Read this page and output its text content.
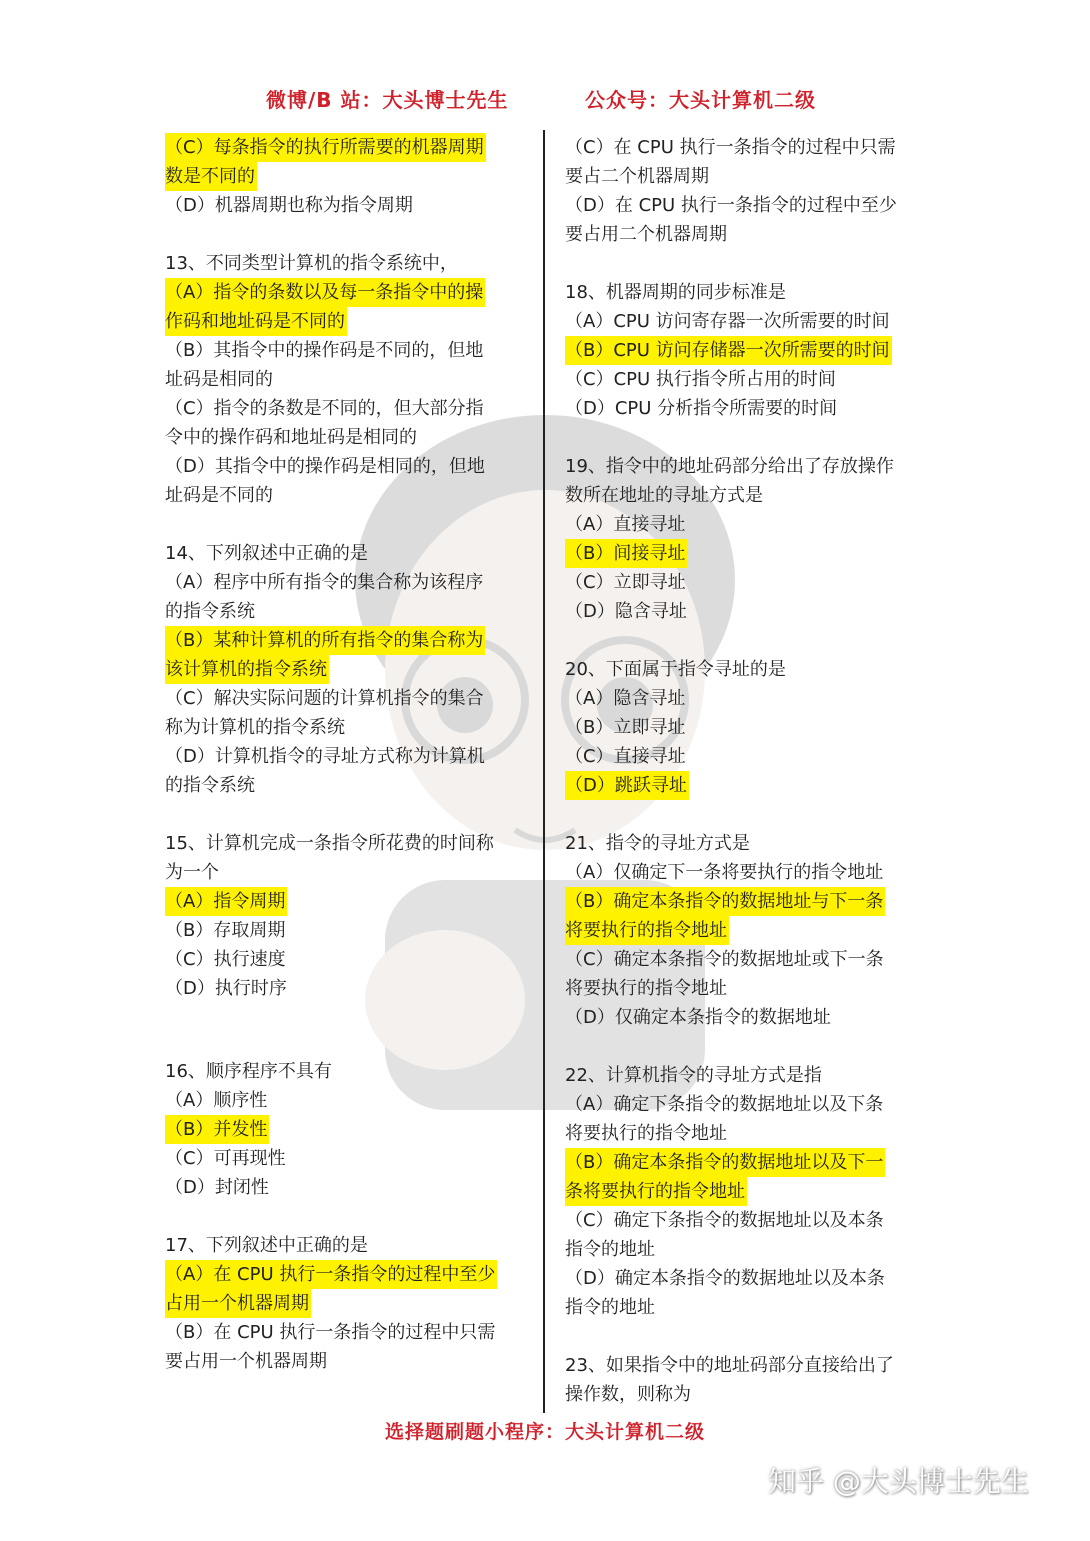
微博/B 站：大头博士先生	公众号：大头计算机二级
（C）每条指令的执行所需要的机器周期
数是不同的
（D）机器周期也称为指令周期
13、不同类型计算机的指令系统中，
（A）指令的条数以及每一条指令中的操
作码和地址码是不同的
（B）其指令中的操作码是不同的，但地
址码是相同的
（C）指令的条数是不同的，但大部分指
令中的操作码和地址码是相同的
（D）其指令中的操作码是相同的，但地
址码是不同的
14、下列叙述中正确的是
（A）程序中所有指令的集合称为该程序
的指令系统
（B）某种计算机的所有指令的集合称为
该计算机的指令系统
（C）解决实际问题的计算机指令的集合
称为计算机的指令系统
（D）计算机指令的寻址方式称为计算机
的指令系统
15、计算机完成一条指令所花费的时间称
为一个
（A）指令周期
（B）存取周期
（C）执行速度
（D）执行时序
16、顺序程序不具有
（A）顺序性
（B）并发性
（C）可再现性
（D）封闭性
17、下列叙述中正确的是
（A）在 CPU 执行一条指令的过程中至少
占用一个机器周期
（B）在 CPU 执行一条指令的过程中只需
要占用一个机器周期
（C）在 CPU 执行一条指令的过程中只需
要占二个机器周期
（D）在 CPU 执行一条指令的过程中至少
要占用二个机器周期
18、机器周期的同步标准是
（A）CPU 访问寄存器一次所需要的时间
（B）CPU 访问存储器一次所需要的时间
（C）CPU 执行指令所占用的时间
（D）CPU 分析指令所需要的时间
19、指令中的地址码部分给出了存放操作
数所在地址的寻址方式是
（A）直接寻址
（B）间接寻址
（C）立即寻址
（D）隐含寻址
20、下面属于指令寻址的是
（A）隐含寻址
（B）立即寻址
（C）直接寻址
（D）跳跃寻址
21、指令的寻址方式是
（A）仅确定下一条将要执行的指令地址
（B）确定本条指令的数据地址与下一条
将要执行的指令地址
（C）确定本条指令的数据地址或下一条
将要执行的指令地址
（D）仅确定本条指令的数据地址
22、计算机指令的寻址方式是指
（A）确定下条指令的数据地址以及下条
将要执行的指令地址
（B）确定本条指令的数据地址以及下一
条将要执行的指令地址
（C）确定下条指令的数据地址以及本条
指令的地址
（D）确定本条指令的数据地址以及本条
指令的地址
23、如果指令中的地址码部分直接给出了
操作数，则称为
选择题刷题小程序：大头计算机二级
知乎 @大头博士先生
